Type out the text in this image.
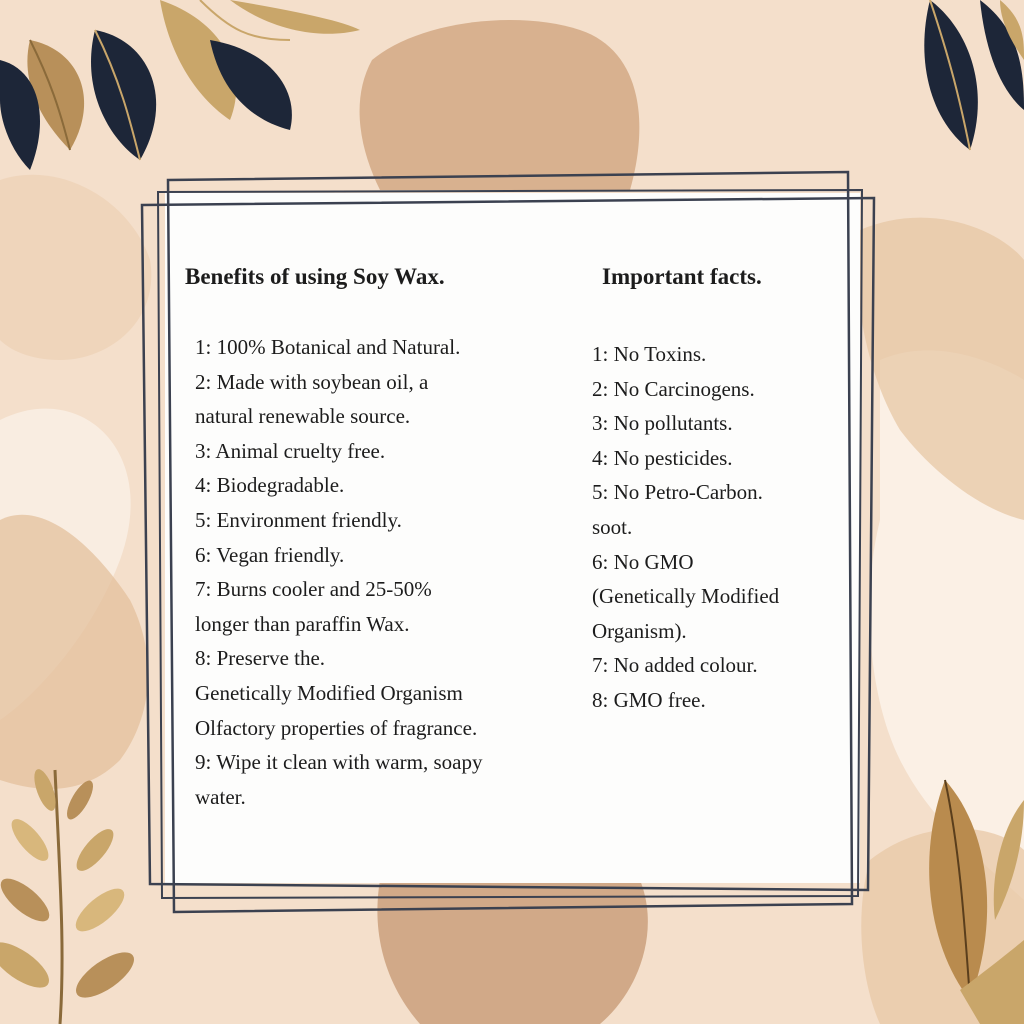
Benefits of using Soy Wax.

1: 100% Botanical and Natural.
2: Made with soybean oil, a
natural renewable source.
3: Animal cruelty free.
4: Biodegradable.
5: Environment friendly.
6: Vegan friendly.
7: Burns cooler and 25-50%
longer than paraffin Wax.
8: Preserve the.
Genetically Modified Organism
Olfactory properties of fragrance.
9: Wipe it clean with warm, soapy
water.

Important facts.

1: No Toxins.
2: No Carcinogens.
3: No pollutants.
4: No pesticides.
5: No Petro-Carbon.
soot.
6: No GMO
(Genetically Modified
Organism).
7: No added colour.
8: GMO free.
